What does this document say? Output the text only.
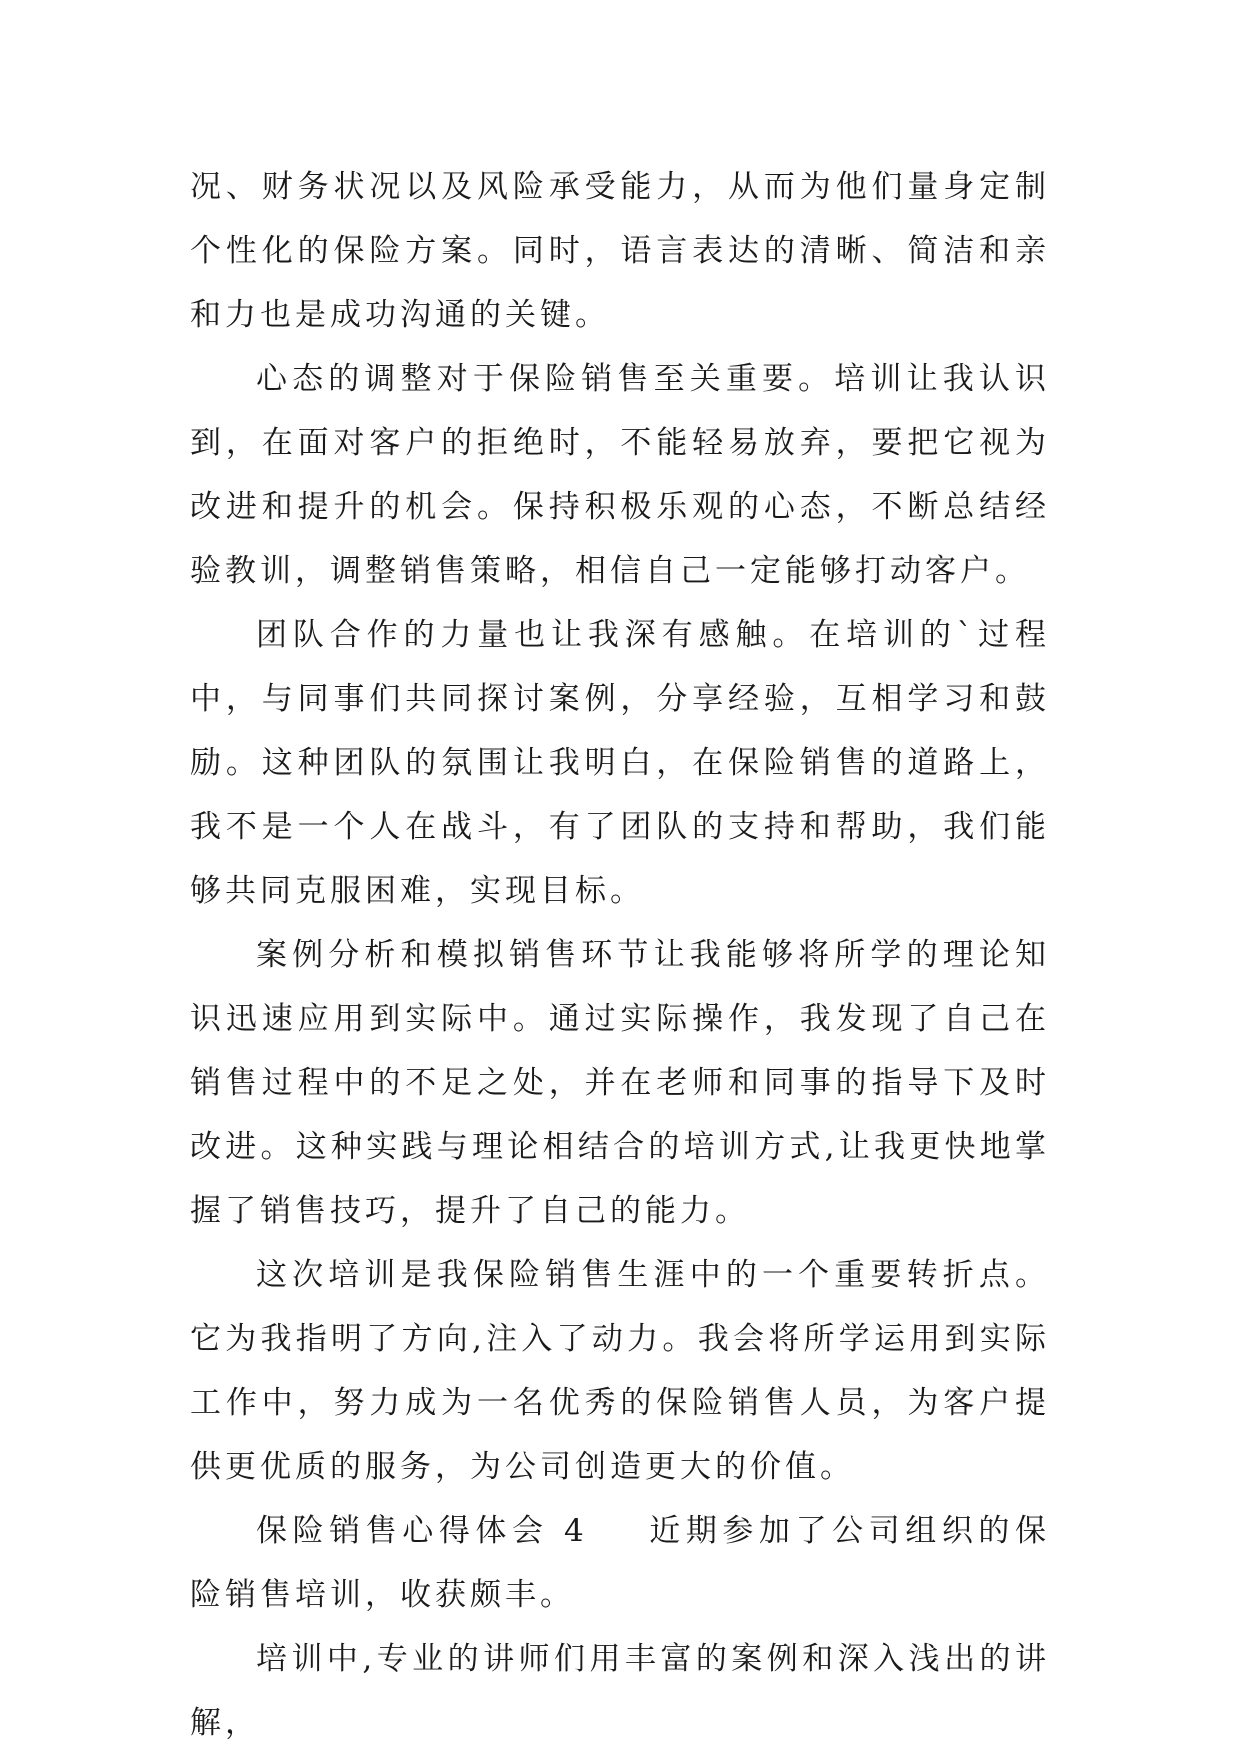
况、财务状况以及风险承受能力，从而为他们量身定制个性化的保险方案。同时，语言表达的清晰、简洁和亲和力也是成功沟通的关键。

心态的调整对于保险销售至关重要。培训让我认识到，在面对客户的拒绝时，不能轻易放弃，要把它视为改进和提升的机会。保持积极乐观的心态，不断总结经验教训，调整销售策略，相信自己一定能够打动客户。

团队合作的力量也让我深有感触。在培训的`过程中，与同事们共同探讨案例，分享经验，互相学习和鼓励。这种团队的氛围让我明白，在保险销售的道路上，我不是一个人在战斗，有了团队的支持和帮助，我们能够共同克服困难，实现目标。

案例分析和模拟销售环节让我能够将所学的理论知识迅速应用到实际中。通过实际操作，我发现了自己在销售过程中的不足之处，并在老师和同事的指导下及时改进。这种实践与理论相结合的培训方式,让我更快地掌握了销售技巧，提升了自己的能力。

这次培训是我保险销售生涯中的一个重要转折点。它为我指明了方向,注入了动力。我会将所学运用到实际工作中，努力成为一名优秀的保险销售人员，为客户提供更优质的服务，为公司创造更大的价值。

保险销售心得体会 4 近期参加了公司组织的保险销售培训，收获颇丰。

培训中,专业的讲师们用丰富的案例和深入浅出的讲解，
